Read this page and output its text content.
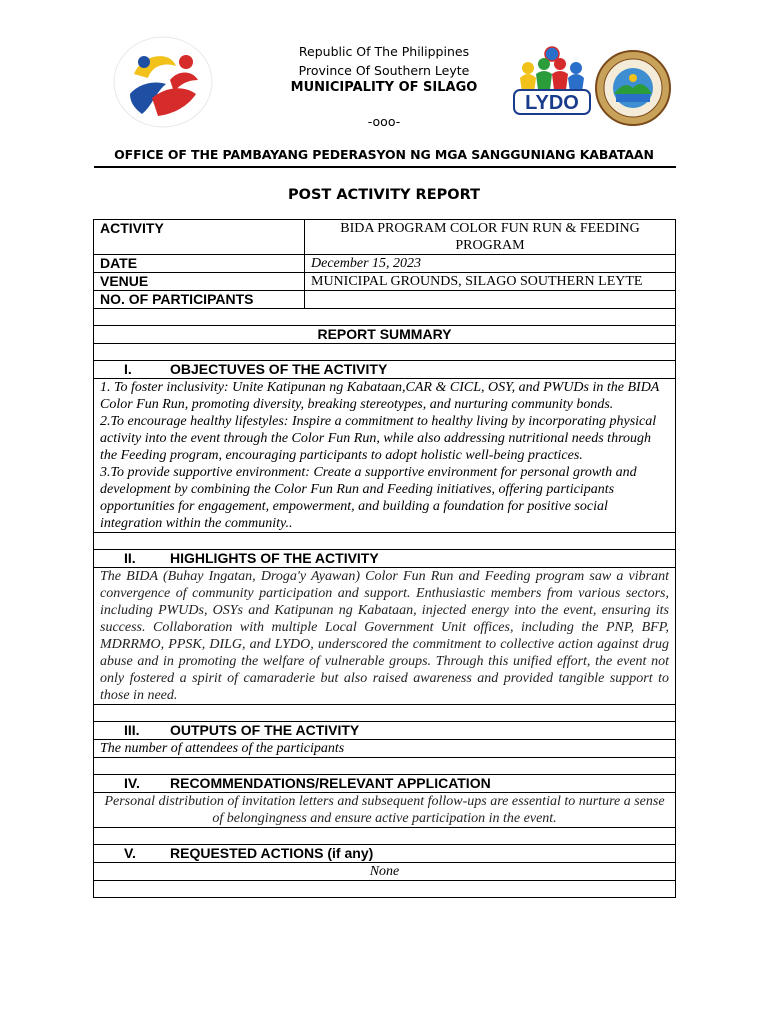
Republic Of The Philippines
Province Of Southern Leyte
MUNICIPALITY OF SILAGO
-ooo-
LYDO
OFFICE OF THE PAMBAYANG PEDERASYON NG MGA SANGGUNIANG KABATAAN
POST ACTIVITY REPORT
ACTIVITY	BIDA PROGRAM COLOR FUN RUN & FEEDING PROGRAM
DATE	December 15, 2023
VENUE	MUNICIPAL GROUNDS, SILAGO SOUTHERN LEYTE
NO. OF PARTICIPANTS	

REPORT SUMMARY	

I. OBJECTUVES OF THE ACTIVITY	

1. To foster inclusivity: Unite Katipunan ng Kabataan,CAR & CICL, OSY, and PWUDs in the BIDA Color Fun Run, promoting diversity, breaking stereotypes, and nurturing community bonds.
2.To encourage healthy lifestyles: Inspire a commitment to healthy living by incorporating physical activity into the event through the Color Fun Run, while also addressing nutritional needs through the Feeding program, encouraging participants to adopt holistic well-being practices.
3.To provide supportive environment: Create a supportive environment for personal growth and development by combining the Color Fun Run and Feeding initiatives, offering participants opportunities for engagement, empowerment, and building a foundation for positive social integration within the community..	

II. HIGHLIGHTS OF THE ACTIVITY	
The BIDA (Buhay Ingatan, Droga'y Ayawan) Color Fun Run and Feeding program saw a vibrant convergence of community participation and support. Enthusiastic members from various sectors, including PWUDs, OSYs and Katipunan ng Kabataan, injected energy into the event, ensuring its success. Collaboration with multiple Local Government Unit offices, including the PNP, BFP, MDRRMO, PPSK, DILG, and LYDO, underscored the commitment to collective action against drug abuse and in promoting the welfare of vulnerable groups. Through this unified effort, the event not only fostered a spirit of camaraderie but also raised awareness and provided tangible support to those in need.	

III. OUTPUTS OF THE ACTIVITY	
The number of attendees of the participants	

IV. RECOMMENDATIONS/RELEVANT APPLICATION	
Personal distribution of invitation letters and subsequent follow-ups are essential to nurture a sense of belongingness and ensure active participation in the event.	

V. REQUESTED ACTIONS (if any)	
None	
